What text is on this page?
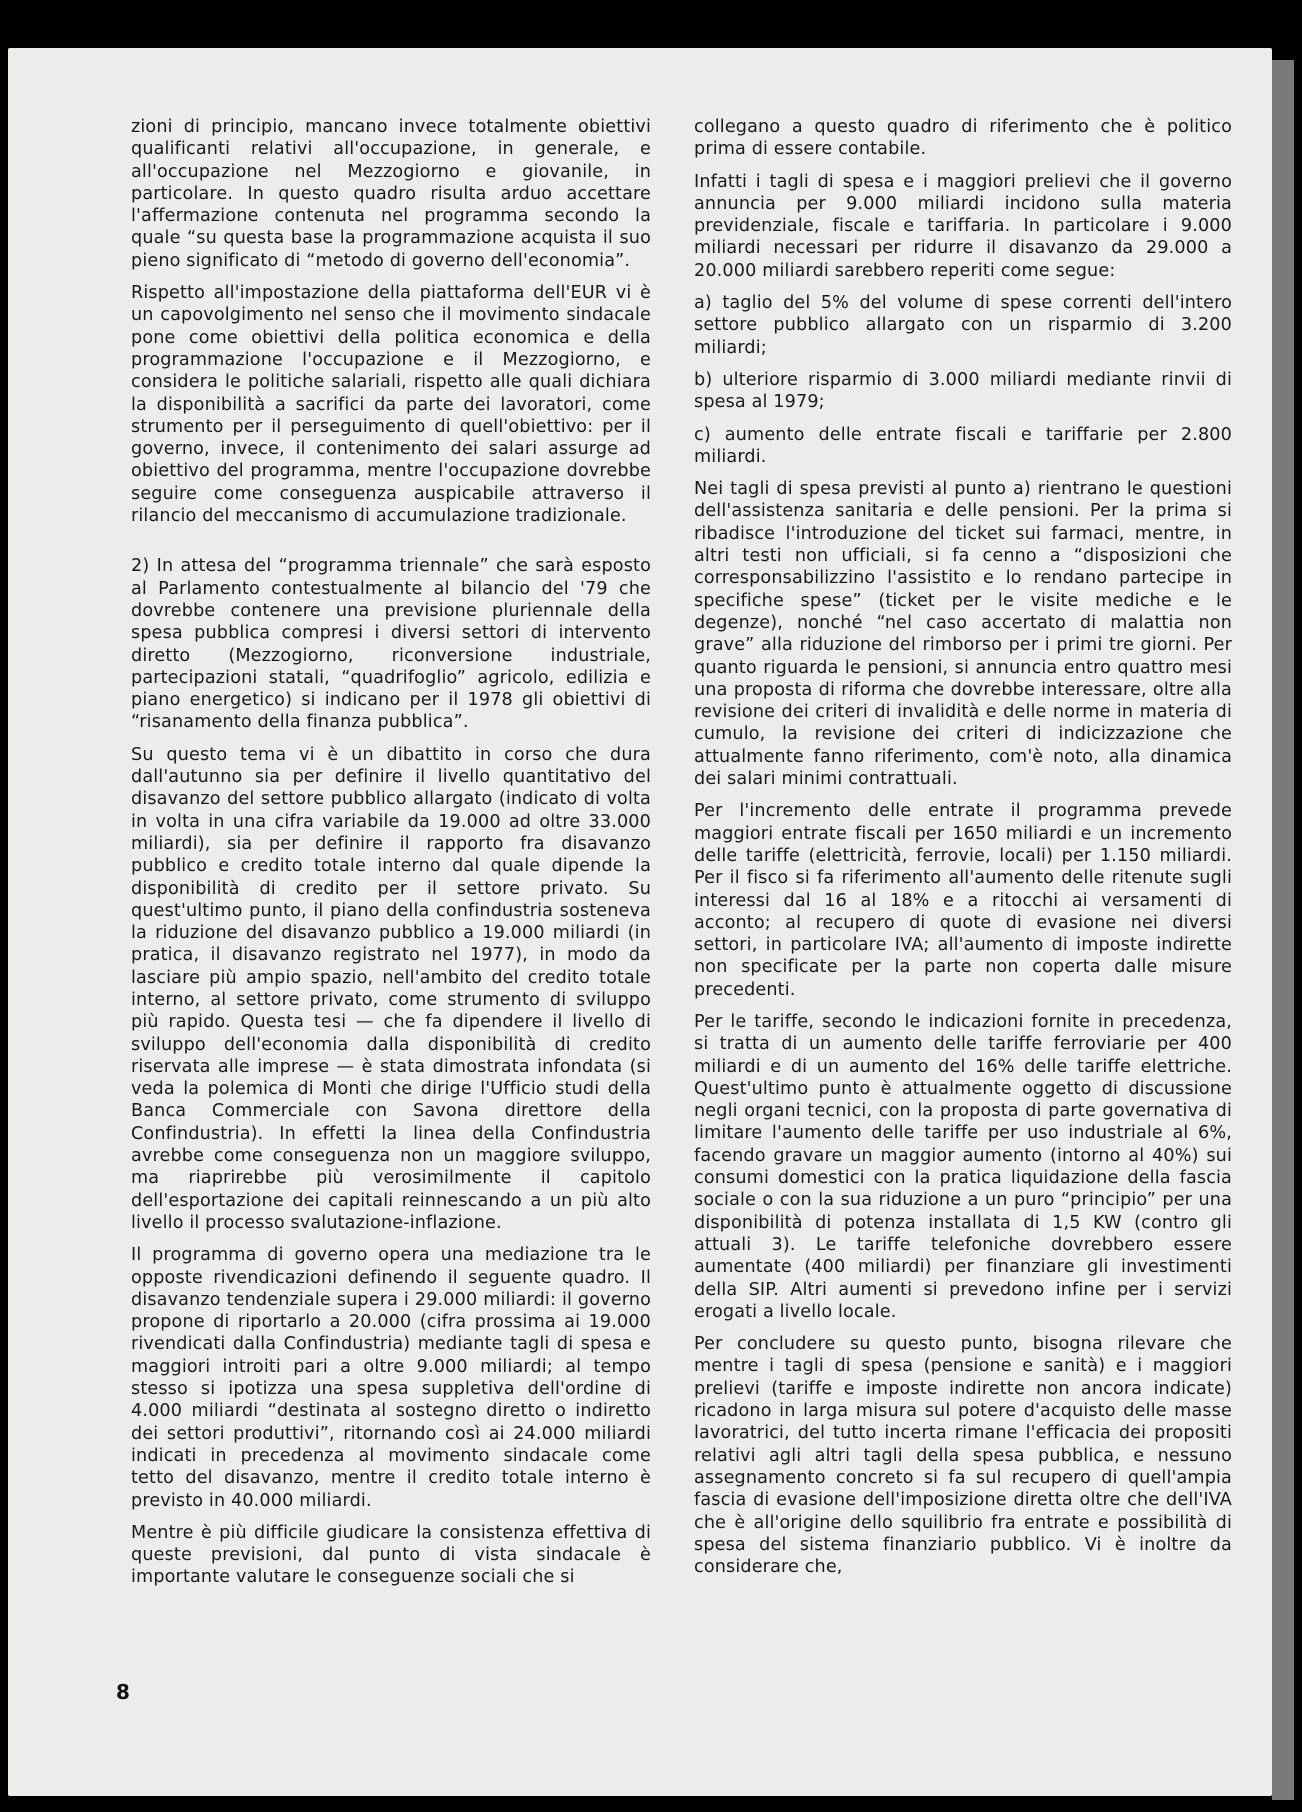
zioni di principio, mancano invece totalmente obiettivi qualificanti relativi all'occupazione, in generale, e all'occupazione nel Mezzogiorno e giovanile, in particolare. In questo quadro risulta arduo accettare l'affermazione contenuta nel programma secondo la quale “su questa base la programmazione acquista il suo pieno significato di “metodo di governo dell'economia”.

Rispetto all'impostazione della piattaforma dell'EUR vi è un capovolgimento nel senso che il movimento sindacale pone come obiettivi della politica economica e della programmazione l'occupazione e il Mezzogiorno, e considera le politiche salariali, rispetto alle quali dichiara la disponibilità a sacrifici da parte dei lavoratori, come strumento per il perseguimento di quell'obiettivo: per il governo, invece, il contenimento dei salari assurge ad obiettivo del programma, mentre l'occupazione dovrebbe seguire come conseguenza auspicabile attraverso il rilancio del meccanismo di accumulazione tradizionale.

2) In attesa del “programma triennale” che sarà esposto al Parlamento contestualmente al bilancio del '79 che dovrebbe contenere una previsione pluriennale della spesa pubblica compresi i diversi settori di intervento diretto (Mezzogiorno, riconversione industriale, partecipazioni statali, “quadrifoglio” agricolo, edilizia e piano energetico) si indicano per il 1978 gli obiettivi di “risanamento della finanza pubblica”.

Su questo tema vi è un dibattito in corso che dura dall'autunno sia per definire il livello quantitativo del disavanzo del settore pubblico allargato (indicato di volta in volta in una cifra variabile da 19.000 ad oltre 33.000 miliardi), sia per definire il rapporto fra disavanzo pubblico e credito totale interno dal quale dipende la disponibilità di credito per il settore privato. Su quest'ultimo punto, il piano della confindustria sosteneva la riduzione del disavanzo pubblico a 19.000 miliardi (in pratica, il disavanzo registrato nel 1977), in modo da lasciare più ampio spazio, nell'ambito del credito totale interno, al settore privato, come strumento di sviluppo più rapido. Questa tesi — che fa dipendere il livello di sviluppo dell'economia dalla disponibilità di credito riservata alle imprese — è stata dimostrata infondata (si veda la polemica di Monti che dirige l'Ufficio studi della Banca Commerciale con Savona direttore della Confindustria). In effetti la linea della Confindustria avrebbe come conseguenza non un maggiore sviluppo, ma riaprirebbe più verosimilmente il capitolo dell'esportazione dei capitali reinnescando a un più alto livello il processo svalutazione-inflazione.

Il programma di governo opera una mediazione tra le opposte rivendicazioni definendo il seguente quadro. Il disavanzo tendenziale supera i 29.000 miliardi: il governo propone di riportarlo a 20.000 (cifra prossima ai 19.000 rivendicati dalla Confindustria) mediante tagli di spesa e maggiori introiti pari a oltre 9.000 miliardi; al tempo stesso si ipotizza una spesa suppletiva dell'ordine di 4.000 miliardi “destinata al sostegno diretto o indiretto dei settori produttivi”, ritornando così ai 24.000 miliardi indicati in precedenza al movimento sindacale come tetto del disavanzo, mentre il credito totale interno è previsto in 40.000 miliardi.

Mentre è più difficile giudicare la consistenza effettiva di queste previsioni, dal punto di vista sindacale è importante valutare le conseguenze sociali che si

collegano a questo quadro di riferimento che è politico prima di essere contabile.

Infatti i tagli di spesa e i maggiori prelievi che il governo annuncia per 9.000 miliardi incidono sulla materia previdenziale, fiscale e tariffaria. In particolare i 9.000 miliardi necessari per ridurre il disavanzo da 29.000 a 20.000 miliardi sarebbero reperiti come segue:

a) taglio del 5% del volume di spese correnti dell'intero settore pubblico allargato con un risparmio di 3.200 miliardi;

b) ulteriore risparmio di 3.000 miliardi mediante rinvii di spesa al 1979;

c) aumento delle entrate fiscali e tariffarie per 2.800 miliardi.

Nei tagli di spesa previsti al punto a) rientrano le questioni dell'assistenza sanitaria e delle pensioni. Per la prima si ribadisce l'introduzione del ticket sui farmaci, mentre, in altri testi non ufficiali, si fa cenno a “disposizioni che corresponsabilizzino l'assistito e lo rendano partecipe in specifiche spese” (ticket per le visite mediche e le degenze), nonché “nel caso accertato di malattia non grave” alla riduzione del rimborso per i primi tre giorni. Per quanto riguarda le pensioni, si annuncia entro quattro mesi una proposta di riforma che dovrebbe interessare, oltre alla revisione dei criteri di invalidità e delle norme in materia di cumulo, la revisione dei criteri di indicizzazione che attualmente fanno riferimento, com'è noto, alla dinamica dei salari minimi contrattuali.

Per l'incremento delle entrate il programma prevede maggiori entrate fiscali per 1650 miliardi e un incremento delle tariffe (elettricità, ferrovie, locali) per 1.150 miliardi. Per il fisco si fa riferimento all'aumento delle ritenute sugli interessi dal 16 al 18% e a ritocchi ai versamenti di acconto; al recupero di quote di evasione nei diversi settori, in particolare IVA; all'aumento di imposte indirette non specificate per la parte non coperta dalle misure precedenti.

Per le tariffe, secondo le indicazioni fornite in precedenza, si tratta di un aumento delle tariffe ferroviarie per 400 miliardi e di un aumento del 16% delle tariffe elettriche. Quest'ultimo punto è attualmente oggetto di discussione negli organi tecnici, con la proposta di parte governativa di limitare l'aumento delle tariffe per uso industriale al 6%, facendo gravare un maggior aumento (intorno al 40%) sui consumi domestici con la pratica liquidazione della fascia sociale o con la sua riduzione a un puro “principio” per una disponibilità di potenza installata di 1,5 KW (contro gli attuali 3). Le tariffe telefoniche dovrebbero essere aumentate (400 miliardi) per finanziare gli investimenti della SIP. Altri aumenti si prevedono infine per i servizi erogati a livello locale.

Per concludere su questo punto, bisogna rilevare che mentre i tagli di spesa (pensione e sanità) e i maggiori prelievi (tariffe e imposte indirette non ancora indicate) ricadono in larga misura sul potere d'acquisto delle masse lavoratrici, del tutto incerta rimane l'efficacia dei propositi relativi agli altri tagli della spesa pubblica, e nessuno assegnamento concreto si fa sul recupero di quell'ampia fascia di evasione dell'imposizione diretta oltre che dell'IVA che è all'origine dello squilibrio fra entrate e possibilità di spesa del sistema finanziario pubblico. Vi è inoltre da considerare che,

8
